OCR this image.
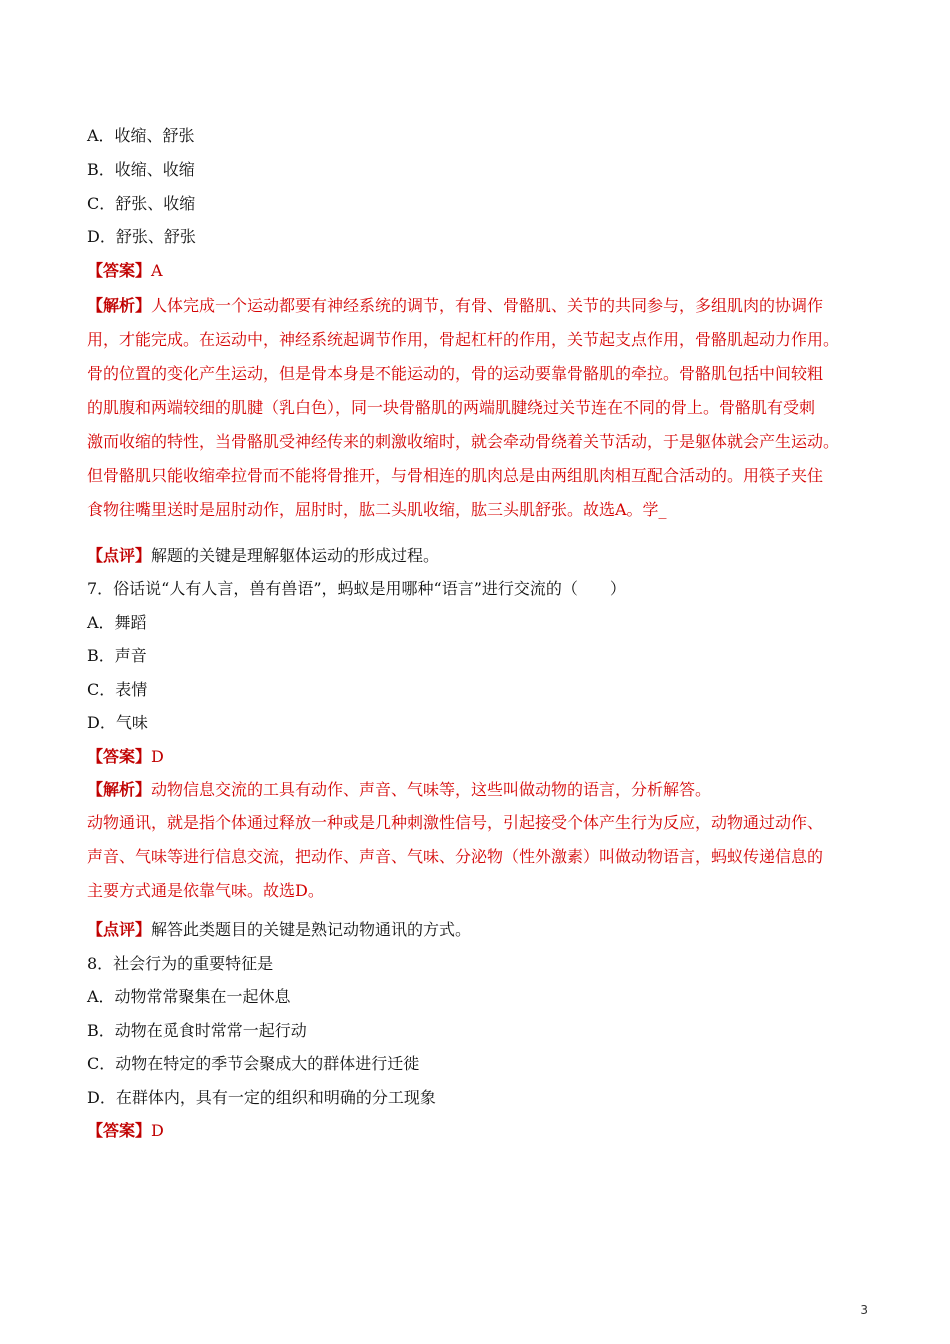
A．收缩、舒张
B．收缩、收缩
C．舒张、收缩
D．舒张、舒张
【答案】A
【解析】人体完成一个运动都要有神经系统的调节，有骨、骨骼肌、关节的共同参与，多组肌肉的协调作
用，才能完成。在运动中，神经系统起调节作用，骨起杠杆的作用，关节起支点作用，骨骼肌起动力作用。
骨的位置的变化产生运动，但是骨本身是不能运动的，骨的运动要靠骨骼肌的牵拉。骨骼肌包括中间较粗
的肌腹和两端较细的肌腱（乳白色），同一块骨骼肌的两端肌腱绕过关节连在不同的骨上。骨骼肌有受刺
激而收缩的特性，当骨骼肌受神经传来的刺激收缩时，就会牵动骨绕着关节活动，于是躯体就会产生运动。
但骨骼肌只能收缩牵拉骨而不能将骨推开，与骨相连的肌肉总是由两组肌肉相互配合活动的。用筷子夹住
食物往嘴里送时是屈肘动作，屈肘时，肱二头肌收缩，肱三头肌舒张。故选A。学_
【点评】解题的关键是理解躯体运动的形成过程。
7．俗话说“人有人言，兽有兽语”，蚂蚁是用哪种“语言”进行交流的（　　）
A．舞蹈
B．声音
C．表情
D．气味
【答案】D
【解析】动物信息交流的工具有动作、声音、气味等，这些叫做动物的语言，分析解答。
动物通讯，就是指个体通过释放一种或是几种刺激性信号，引起接受个体产生行为反应，动物通过动作、
声音、气味等进行信息交流，把动作、声音、气味、分泌物（性外激素）叫做动物语言，蚂蚁传递信息的
主要方式通是依靠气味。故选D。
【点评】解答此类题目的关键是熟记动物通讯的方式。
8．社会行为的重要特征是
A．动物常常聚集在一起休息
B．动物在觅食时常常一起行动
C．动物在特定的季节会聚成大的群体进行迁徙
D．在群体内，具有一定的组织和明确的分工现象
【答案】D
3
